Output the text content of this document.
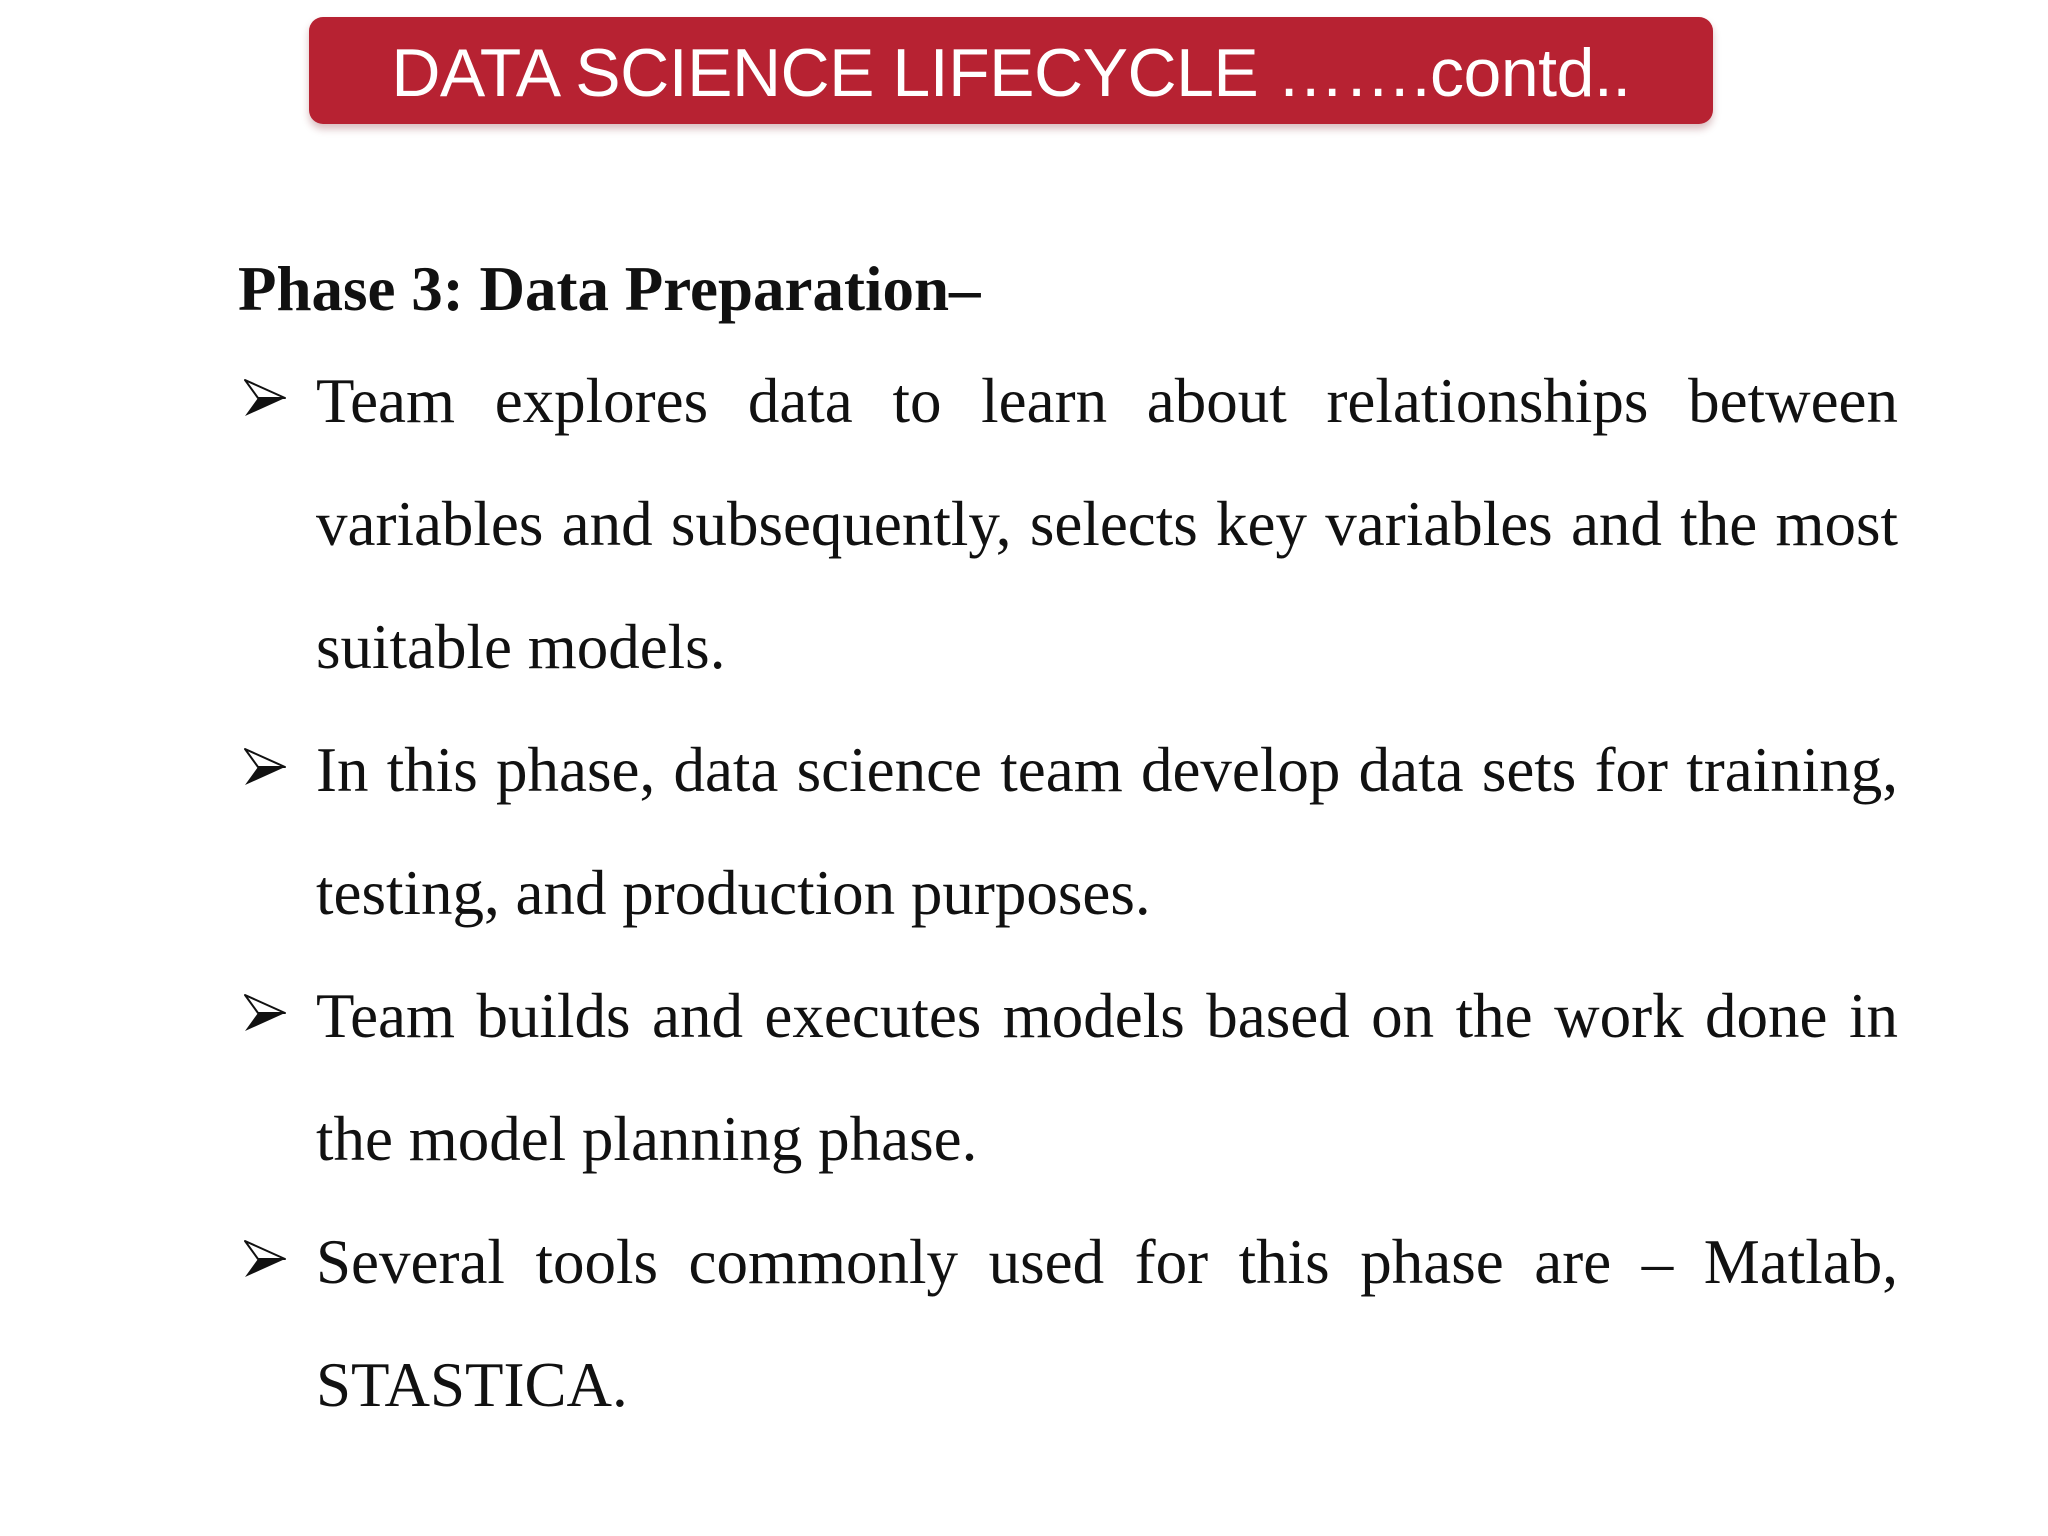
DATA SCIENCE LIFECYCLE …….contd..
Phase 3: Data Preparation–

Team explores data to learn about relationships between variables and subsequently, selects key variables and the most suitable models.

In this phase, data science team develop data sets for training, testing, and production purposes.

Team builds and executes models based on the work done in the model planning phase.

Several tools commonly used for this phase are – Matlab, STASTICA.
